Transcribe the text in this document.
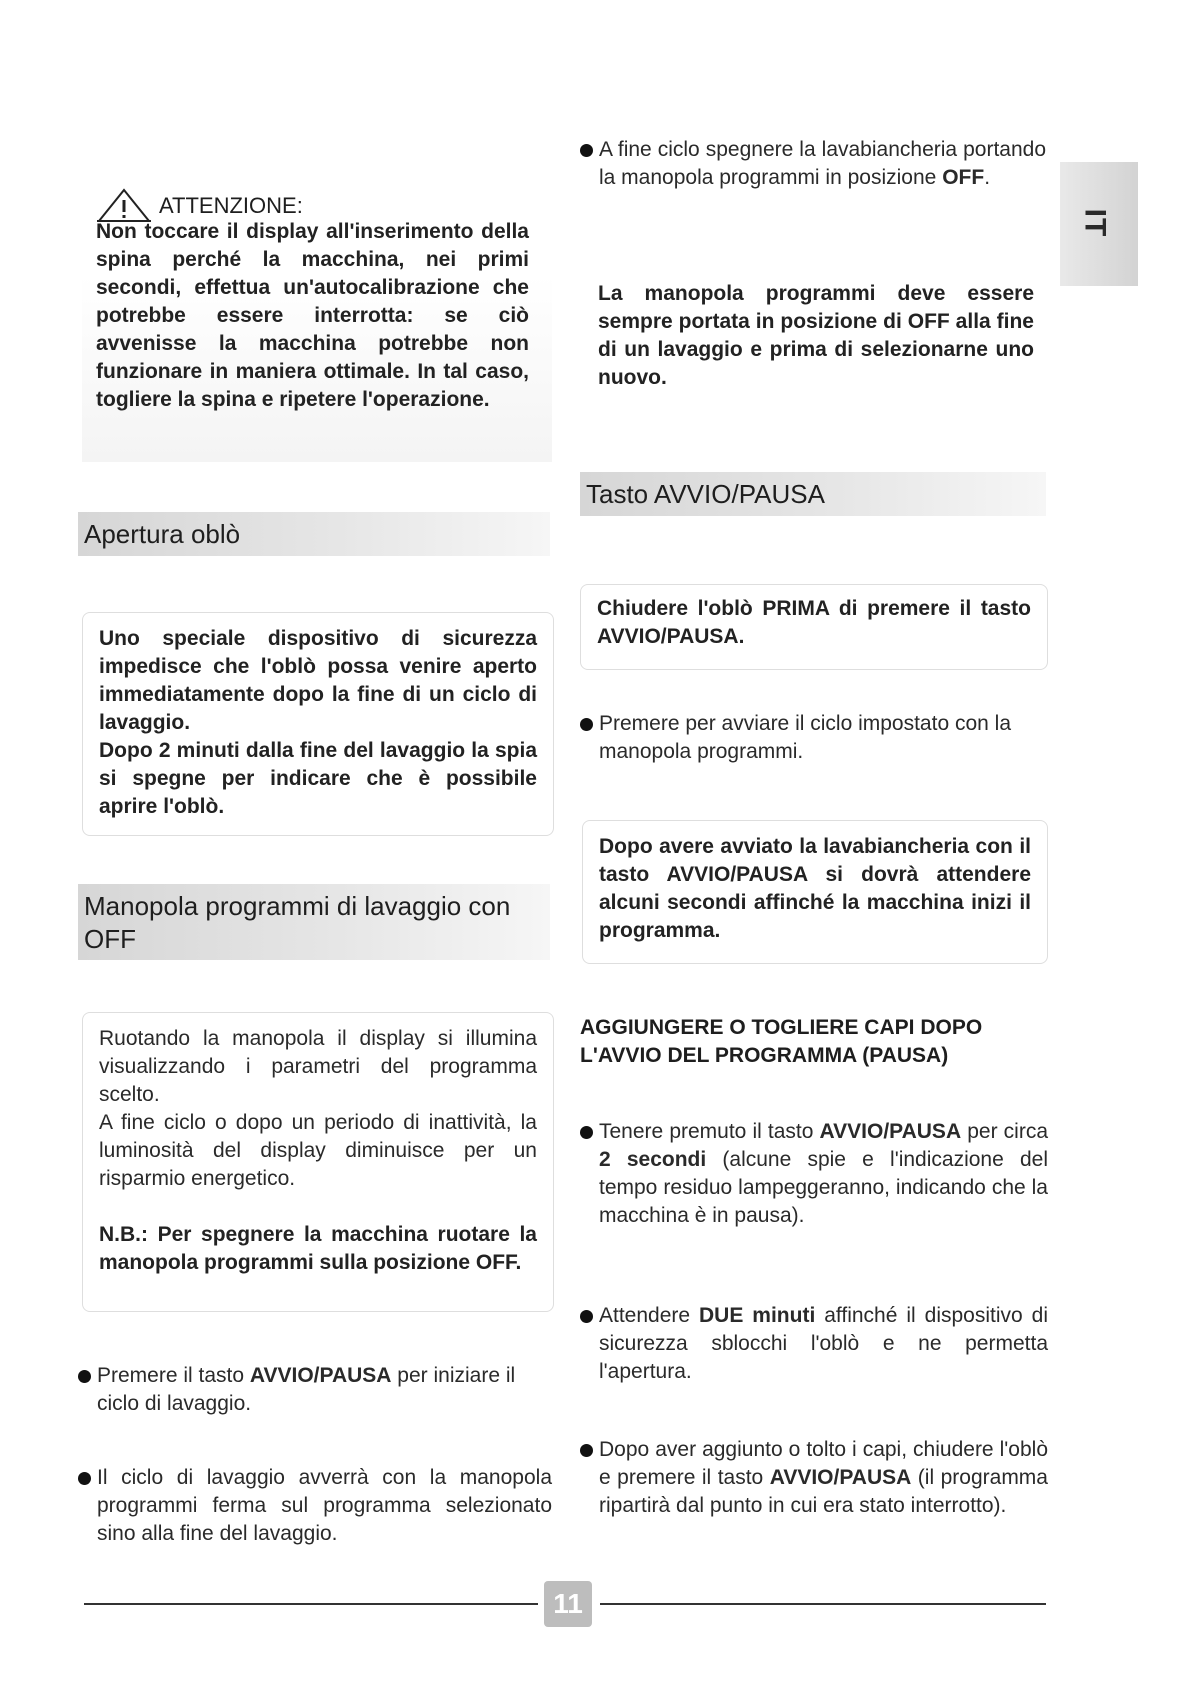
IT
ATTENZIONE:
Non toccare il display all'inserimento della spina perché la macchina, nei primi secondi, effettua un'autocalibrazione che potrebbe essere interrotta: se ciò avvenisse la macchina potrebbe non funzionare in maniera ottimale. In tal caso, togliere la spina e ripetere l'operazione.
Apertura oblò
Uno speciale dispositivo di sicurezza impedisce che l'oblò possa venire aperto immediatamente dopo la fine di un ciclo di lavaggio.
Dopo 2 minuti dalla fine del lavaggio la spia si spegne per indicare che è possibile aprire l'oblò.
Manopola programmi di lavaggio con OFF
Ruotando la manopola il display si illumina visualizzando i parametri del programma scelto.
A fine ciclo o dopo un periodo di inattività, la luminosità del display diminuisce per un risparmio energetico.
N.B.: Per spegnere la macchina ruotare la manopola programmi sulla posizione OFF.
Premere il tasto AVVIO/PAUSA per iniziare il ciclo di lavaggio.
Il ciclo di lavaggio avverrà con la manopola programmi ferma sul programma selezionato sino alla fine del lavaggio.
A fine ciclo spegnere la lavabiancheria portando la manopola programmi in posizione OFF.
La manopola programmi deve essere sempre portata in posizione di OFF alla fine di un lavaggio e prima di selezionarne uno nuovo.
Tasto AVVIO/PAUSA
Chiudere l'oblò PRIMA di premere il tasto AVVIO/PAUSA.
Premere per avviare il ciclo impostato con la manopola programmi.
Dopo avere avviato la lavabiancheria con il tasto AVVIO/PAUSA si dovrà attendere alcuni secondi affinché la macchina inizi il programma.
AGGIUNGERE O TOGLIERE CAPI DOPO L'AVVIO DEL PROGRAMMA (PAUSA)
Tenere premuto il tasto AVVIO/PAUSA per circa 2 secondi (alcune spie e l'indicazione del tempo residuo lampeggeranno, indicando che la macchina è in pausa).
Attendere DUE minuti affinché il dispositivo di sicurezza sblocchi l'oblò e ne permetta l'apertura.
Dopo aver aggiunto o tolto i capi, chiudere l'oblò e premere il tasto AVVIO/PAUSA (il programma ripartirà dal punto in cui era stato interrotto).
11
